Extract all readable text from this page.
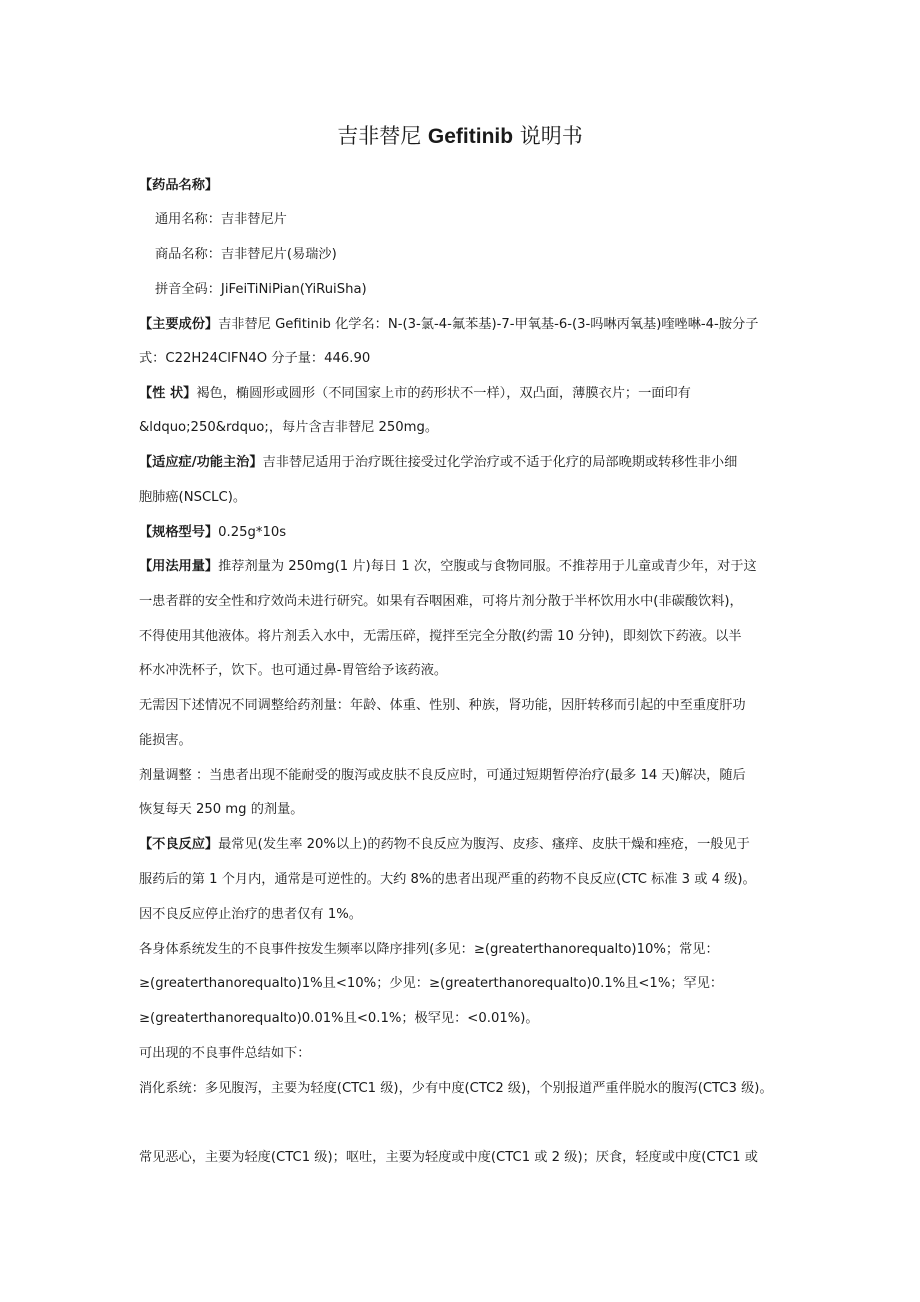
吉非替尼 Gefitinib 说明书
【药品名称】
通用名称：吉非替尼片
商品名称：吉非替尼片(易瑞沙)
拼音全码：JiFeiTiNiPian(YiRuiSha)
【主要成份】吉非替尼 Gefitinib 化学名：N-(3-氯-4-氟苯基)-7-甲氧基-6-(3-吗啉丙氧基)喹唑啉-4-胺分子
式：C22H24ClFN4O 分子量：446.90
【性 状】褐色，椭圆形或圆形（不同国家上市的药形状不一样），双凸面，薄膜衣片；一面印有
&ldquo;250&rdquo;，每片含吉非替尼 250mg。
【适应症/功能主治】吉非替尼适用于治疗既往接受过化学治疗或不适于化疗的局部晚期或转移性非小细
胞肺癌(NSCLC)。
【规格型号】0.25g*10s
【用法用量】推荐剂量为 250mg(1 片)每日 1 次，空腹或与食物同服。不推荐用于儿童或青少年，对于这
一患者群的安全性和疗效尚未进行研究。如果有吞咽困难，可将片剂分散于半杯饮用水中(非碳酸饮料)，
不得使用其他液体。将片剂丢入水中，无需压碎，搅拌至完全分散(约需 10 分钟)，即刻饮下药液。以半
杯水冲洗杯子，饮下。也可通过鼻-胃管给予该药液。
无需因下述情况不同调整给药剂量：年龄、体重、性别、种族，肾功能，因肝转移而引起的中至重度肝功
能损害。
剂量调整 ：当患者出现不能耐受的腹泻或皮肤不良反应时，可通过短期暂停治疗(最多 14 天)解决，随后
恢复每天 250 mg 的剂量。
【不良反应】最常见(发生率 20%以上)的药物不良反应为腹泻、皮疹、瘙痒、皮肤干燥和痤疮，一般见于
服药后的第 1 个月内，通常是可逆性的。大约 8%的患者出现严重的药物不良反应(CTC 标准 3 或 4 级)。
因不良反应停止治疗的患者仅有 1%。
各身体系统发生的不良事件按发生频率以降序排列(多见：≥(greaterthanorequalto)10%；常见：
≥(greaterthanorequalto)1%且<10%；少见：≥(greaterthanorequalto)0.1%且<1%；罕见：
≥(greaterthanorequalto)0.01%且<0.1%；极罕见：<0.01%)。
可出现的不良事件总结如下：
消化系统：多见腹泻，主要为轻度(CTC1 级)，少有中度(CTC2 级)，个别报道严重伴脱水的腹泻(CTC3 级)。
常见恶心，主要为轻度(CTC1 级)；呕吐，主要为轻度或中度(CTC1 或 2 级)；厌食，轻度或中度(CTC1 或
